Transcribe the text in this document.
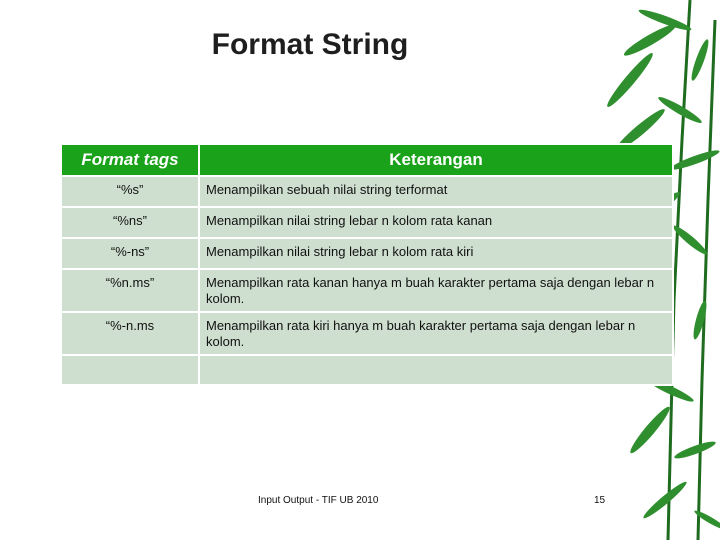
Format String
Format tags	Keterangan
“%s”	Menampilkan sebuah nilai string terformat
“%ns”	Menampilkan nilai string lebar n kolom rata kanan
“%-ns”	Menampilkan nilai string lebar n kolom rata kiri
“%n.ms”	Menampilkan rata kanan hanya m buah karakter pertama saja dengan lebar n kolom.
“%-n.ms	Menampilkan rata kiri hanya m buah karakter pertama saja dengan lebar n kolom.

Input Output - TIF UB 2010	15
